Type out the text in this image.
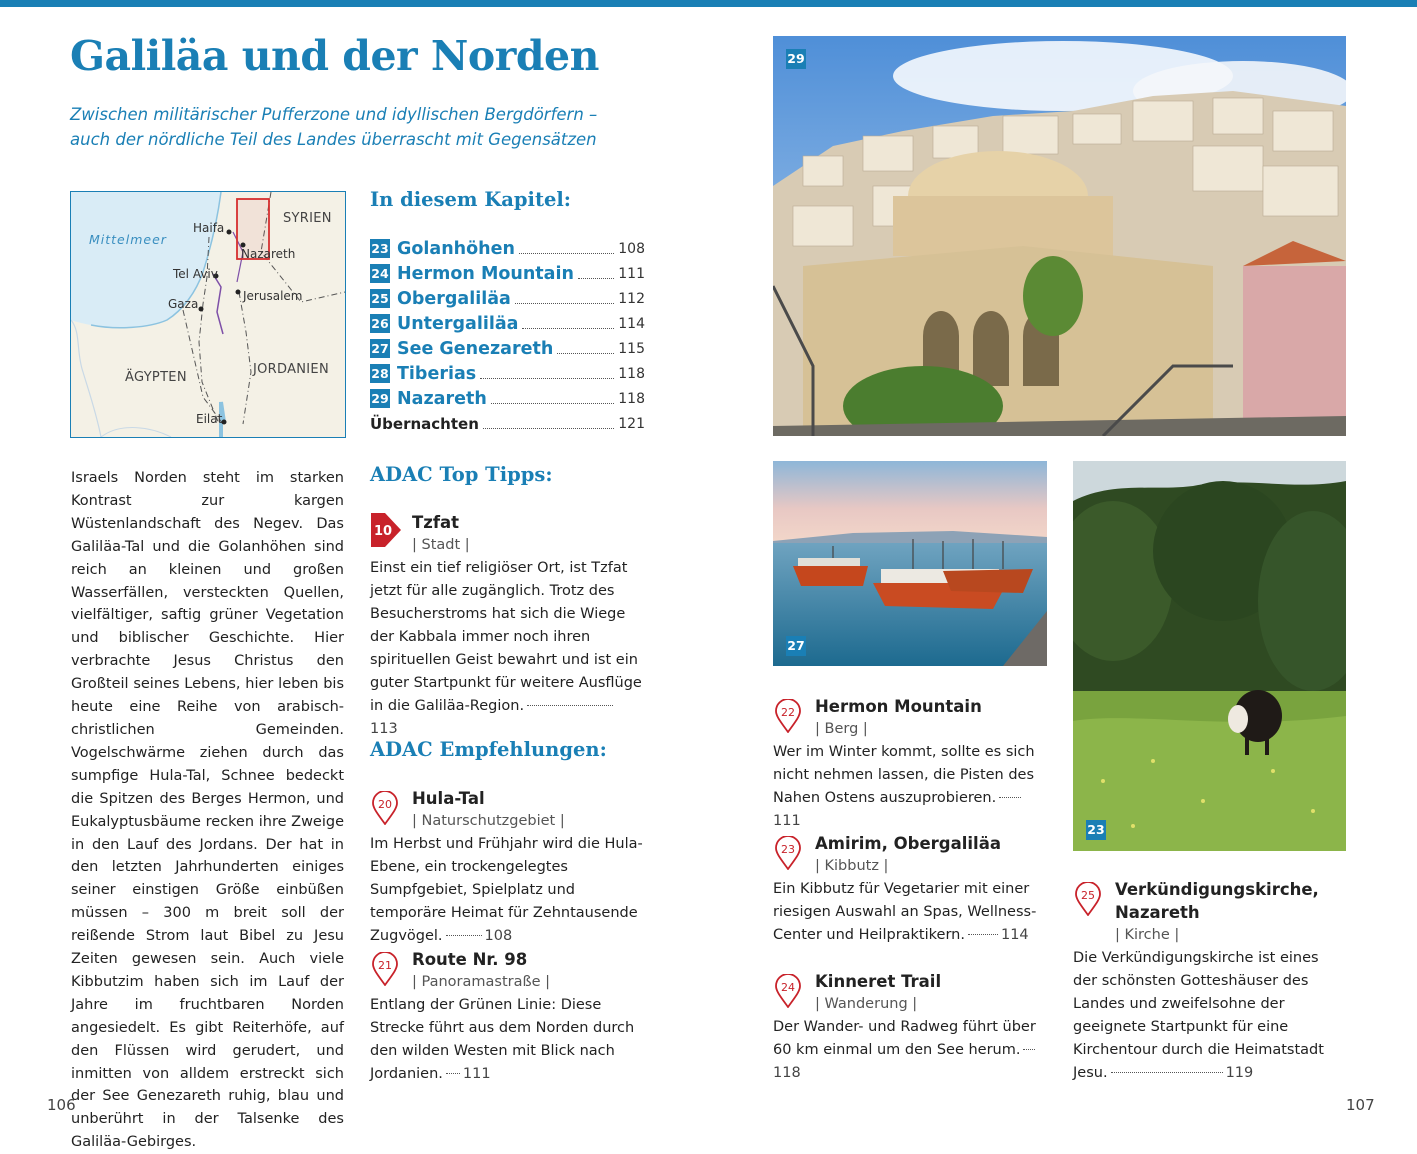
Galiläa und der Norden

Zwischen militärischer Pufferzone und idyllischen Bergdörfern –
auch der nördliche Teil des Landes überrascht mit Gegensätzen

Mittelmeer
Haifa
SYRIEN
Nazareth
Tel Aviv
Jerusalem
Gaza
ÄGYPTEN
JORDANIEN
Eilat

Israels Norden steht im starken Kontrast zur kargen Wüstenlandschaft des Negev. Das Galiläa-Tal und die Golanhöhen sind reich an kleinen und großen Wasserfällen, versteckten Quellen, vielfältiger, saftig grüner Vegetation und biblischer Geschichte. Hier verbrachte Jesus Christus den Großteil seines Lebens, hier leben bis heute eine Reihe von arabisch-christlichen Gemeinden. Vogelschwärme ziehen durch das sumpfige Hula-Tal, Schnee bedeckt die Spitzen des Berges Hermon, und Eukalyptusbäume recken ihre Zweige in den Lauf des Jordans. Der hat in den letzten Jahrhunderten einiges seiner einstigen Größe einbüßen müssen – 300 m breit soll der reißende Strom laut Bibel zu Jesu Zeiten gewesen sein. Auch viele Kibbutzim haben sich im Lauf der Jahre im fruchtbaren Norden angesiedelt. Es gibt Reiterhöfe, auf den Flüssen wird gerudert, und inmitten von alldem erstreckt sich der See Genezareth ruhig, blau und unberührt in der Talsenke des Galiläa-Gebirges.

In diesem Kapitel:
23 Golanhöhen	108
24 Hermon Mountain	111
25 Obergaliläa	112
26 Untergaliläa	114
27 See Genezareth	115
28 Tiberias	118
29 Nazareth	118
Übernachten	121
ADAC Top Tipps:
10 Tzfat
| Stadt |

Einst ein tief religiöser Ort, ist Tzfat jetzt für alle zugänglich. Trotz des Besucherstroms hat sich die Wiege der Kabbala immer noch ihren spirituellen Geist bewahrt und ist ein guter Startpunkt für weitere Ausflüge in die Galiläa-Region.113

ADAC Empfehlungen:
20 Hula-Tal
| Naturschutzgebiet |

Im Herbst und Frühjahr wird die Hula-Ebene, ein trockengelegtes Sumpfgebiet, Spielplatz und temporäre Heimat für Zehntausende Zugvögel.	108

21 Route Nr. 98
| Panoramastraße |

Entlang der Grünen Linie: Diese Strecke führt aus dem Norden durch den wilden Westen mit Blick nach Jordanien. 111

29
27
23
22 Hermon Mountain
| Berg |

Wer im Winter kommt, sollte es sich nicht nehmen lassen, die Pisten des Nahen Ostens auszuprobieren.111

23 Amirim, Obergaliläa
| Kibbutz |

Ein Kibbutz für Vegetarier mit einer riesigen Auswahl an Spas, Wellness-Center und Heilpraktikern. 114

24 Kinneret Trail
| Wanderung |

Der Wander- und Radweg führt über 60 km einmal um den See herum.118

25 Verkündigungskirche,
Nazareth
| Kirche |

Die Verkündigungskirche ist eines der schönsten Gotteshäuser des Landes und zweifelsohne der geeignete Startpunkt für eine Kirchentour durch die Heimatstadt Jesu.	119

106	107
